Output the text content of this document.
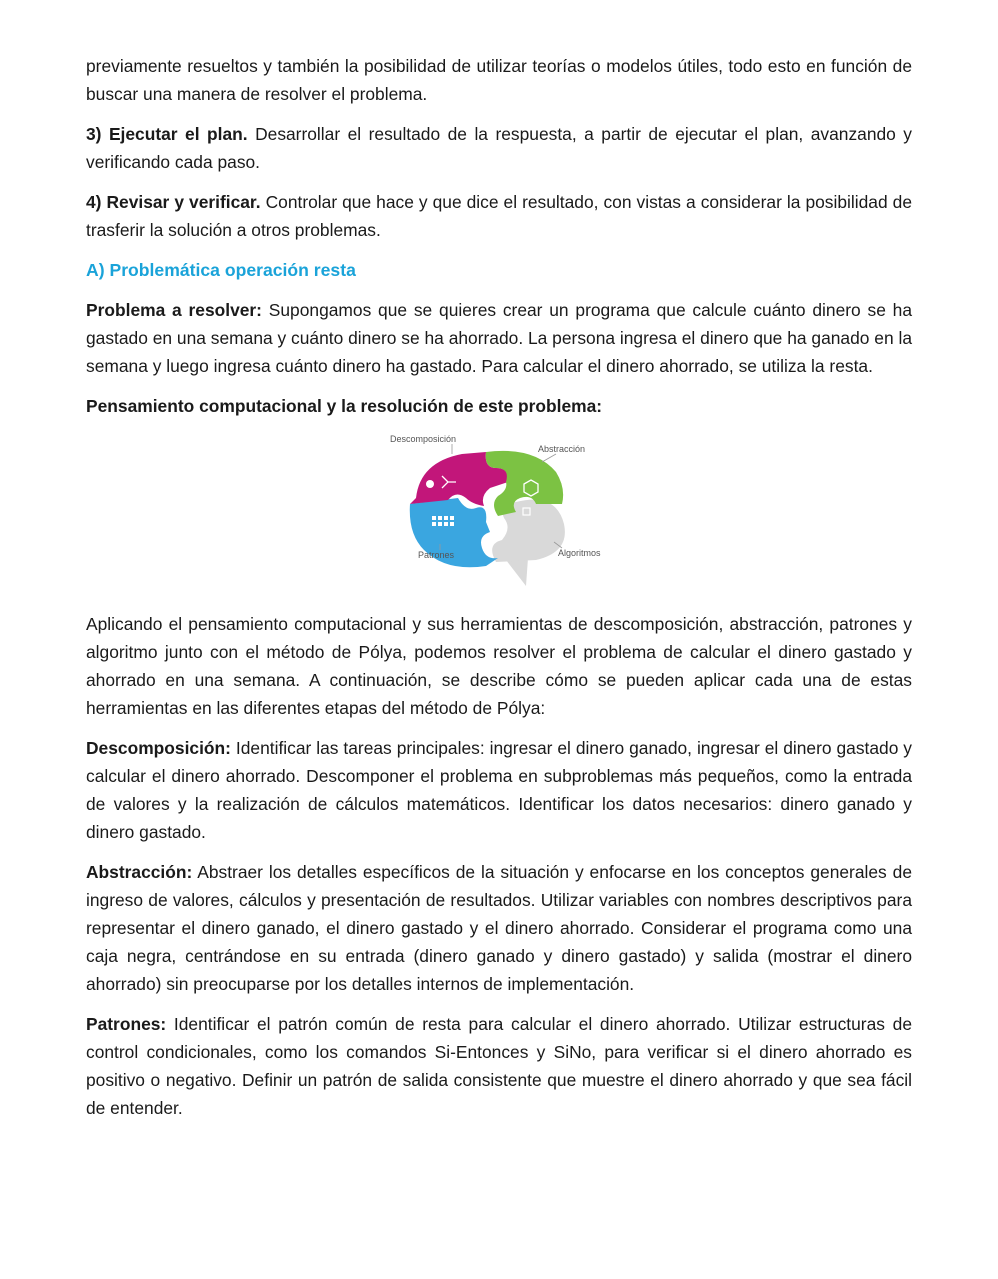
previamente resueltos y también la posibilidad de utilizar teorías o modelos útiles, todo esto en función de buscar una manera de resolver el problema.

3) Ejecutar el plan. Desarrollar el resultado de la respuesta, a partir de ejecutar el plan, avanzando y verificando cada paso.

4) Revisar y verificar. Controlar que hace y que dice el resultado, con vistas a considerar la posibilidad de trasferir la solución a otros problemas.

A) Problemática operación resta

Problema a resolver: Supongamos que se quieres crear un programa que calcule cuánto dinero se ha gastado en una semana y cuánto dinero se ha ahorrado. La persona ingresa el dinero que ha ganado en la semana y luego ingresa cuánto dinero ha gastado. Para calcular el dinero ahorrado, se utiliza la resta.

Pensamiento computacional y la resolución de este problema:

Descomposición
Abstracción
Patrones	Algoritmos

Aplicando el pensamiento computacional y sus herramientas de descomposición, abstracción, patrones y algoritmo junto con el método de Pólya, podemos resolver el problema de calcular el dinero gastado y ahorrado en una semana. A continuación, se describe cómo se pueden aplicar cada una de estas herramientas en las diferentes etapas del método de Pólya:

Descomposición: Identificar las tareas principales: ingresar el dinero ganado, ingresar el dinero gastado y calcular el dinero ahorrado. Descomponer el problema en subproblemas más pequeños, como la entrada de valores y la realización de cálculos matemáticos. Identificar los datos necesarios: dinero ganado y dinero gastado.

Abstracción: Abstraer los detalles específicos de la situación y enfocarse en los conceptos generales de ingreso de valores, cálculos y presentación de resultados. Utilizar variables con nombres descriptivos para representar el dinero ganado, el dinero gastado y el dinero ahorrado. Considerar el programa como una caja negra, centrándose en su entrada (dinero ganado y dinero gastado) y salida (mostrar el dinero ahorrado) sin preocuparse por los detalles internos de implementación.

Patrones: Identificar el patrón común de resta para calcular el dinero ahorrado. Utilizar estructuras de control condicionales, como los comandos Si-Entonces y SiNo, para verificar si el dinero ahorrado es positivo o negativo. Definir un patrón de salida consistente que muestre el dinero ahorrado y que sea fácil de entender.
